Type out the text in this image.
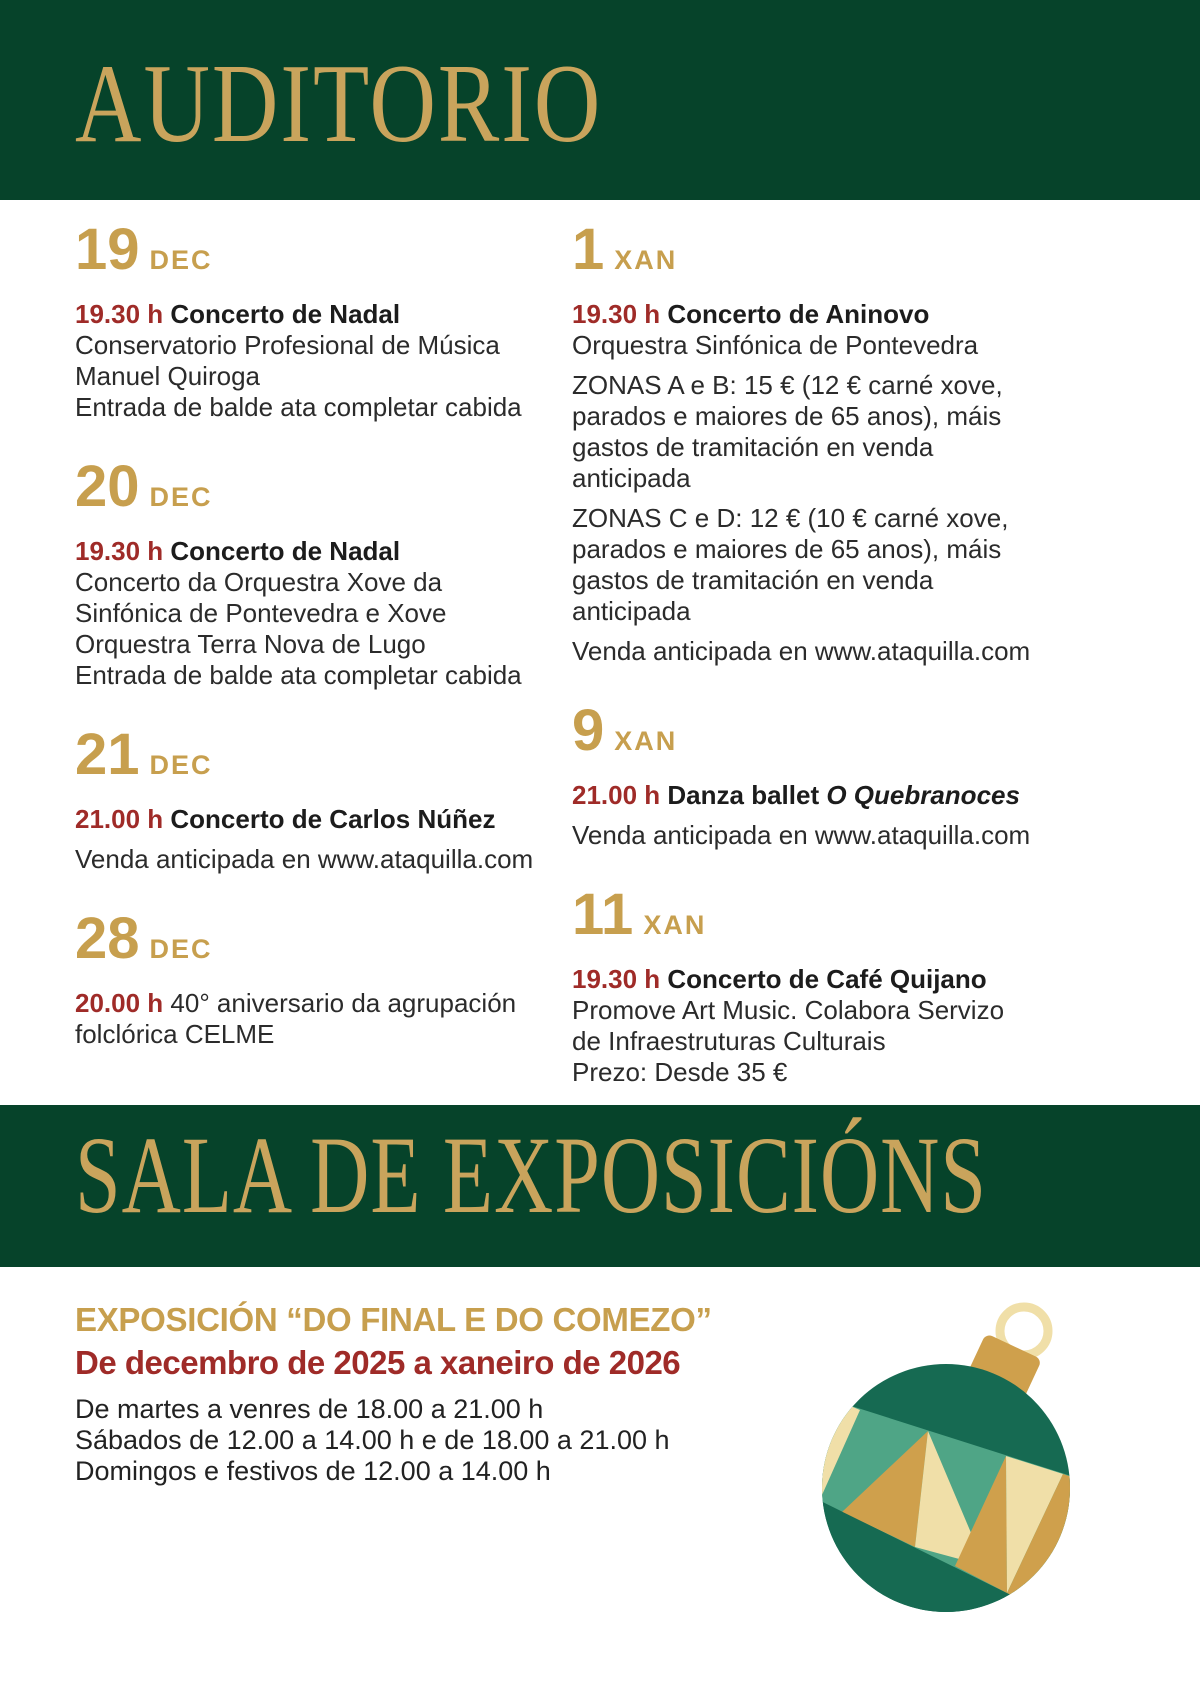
AUDITORIO
19 DEC
19.30 h Concerto de Nadal
Conservatorio Profesional de Música
Manuel Quiroga
Entrada de balde ata completar cabida
20 DEC
19.30 h Concerto de Nadal
Concerto da Orquestra Xove da
Sinfónica de Pontevedra e Xove
Orquestra Terra Nova de Lugo
Entrada de balde ata completar cabida
21 DEC
21.00 h Concerto de Carlos Núñez
Venda anticipada en www.ataquilla.com
28 DEC
20.00 h 40° aniversario da agrupación
folclórica CELME
1 XAN
19.30 h Concerto de Aninovo
Orquestra Sinfónica de Pontevedra
ZONAS A e B: 15 € (12 € carné xove,
parados e maiores de 65 anos), máis
gastos de tramitación en venda
anticipada
ZONAS C e D: 12 € (10 € carné xove,
parados e maiores de 65 anos), máis
gastos de tramitación en venda
anticipada
Venda anticipada en www.ataquilla.com
9 XAN
21.00 h Danza ballet O Quebranoces
Venda anticipada en www.ataquilla.com
11 XAN
19.30 h Concerto de Café Quijano
Promove Art Music. Colabora Servizo
de Infraestruturas Culturais
Prezo: Desde 35 €
SALA DE EXPOSICIÓNS
EXPOSICIÓN “DO FINAL E DO COMEZO”
De decembro de 2025 a xaneiro de 2026
De martes a venres de 18.00 a 21.00 h
Sábados de 12.00 a 14.00 h e de 18.00 a 21.00 h
Domingos e festivos de 12.00 a 14.00 h
